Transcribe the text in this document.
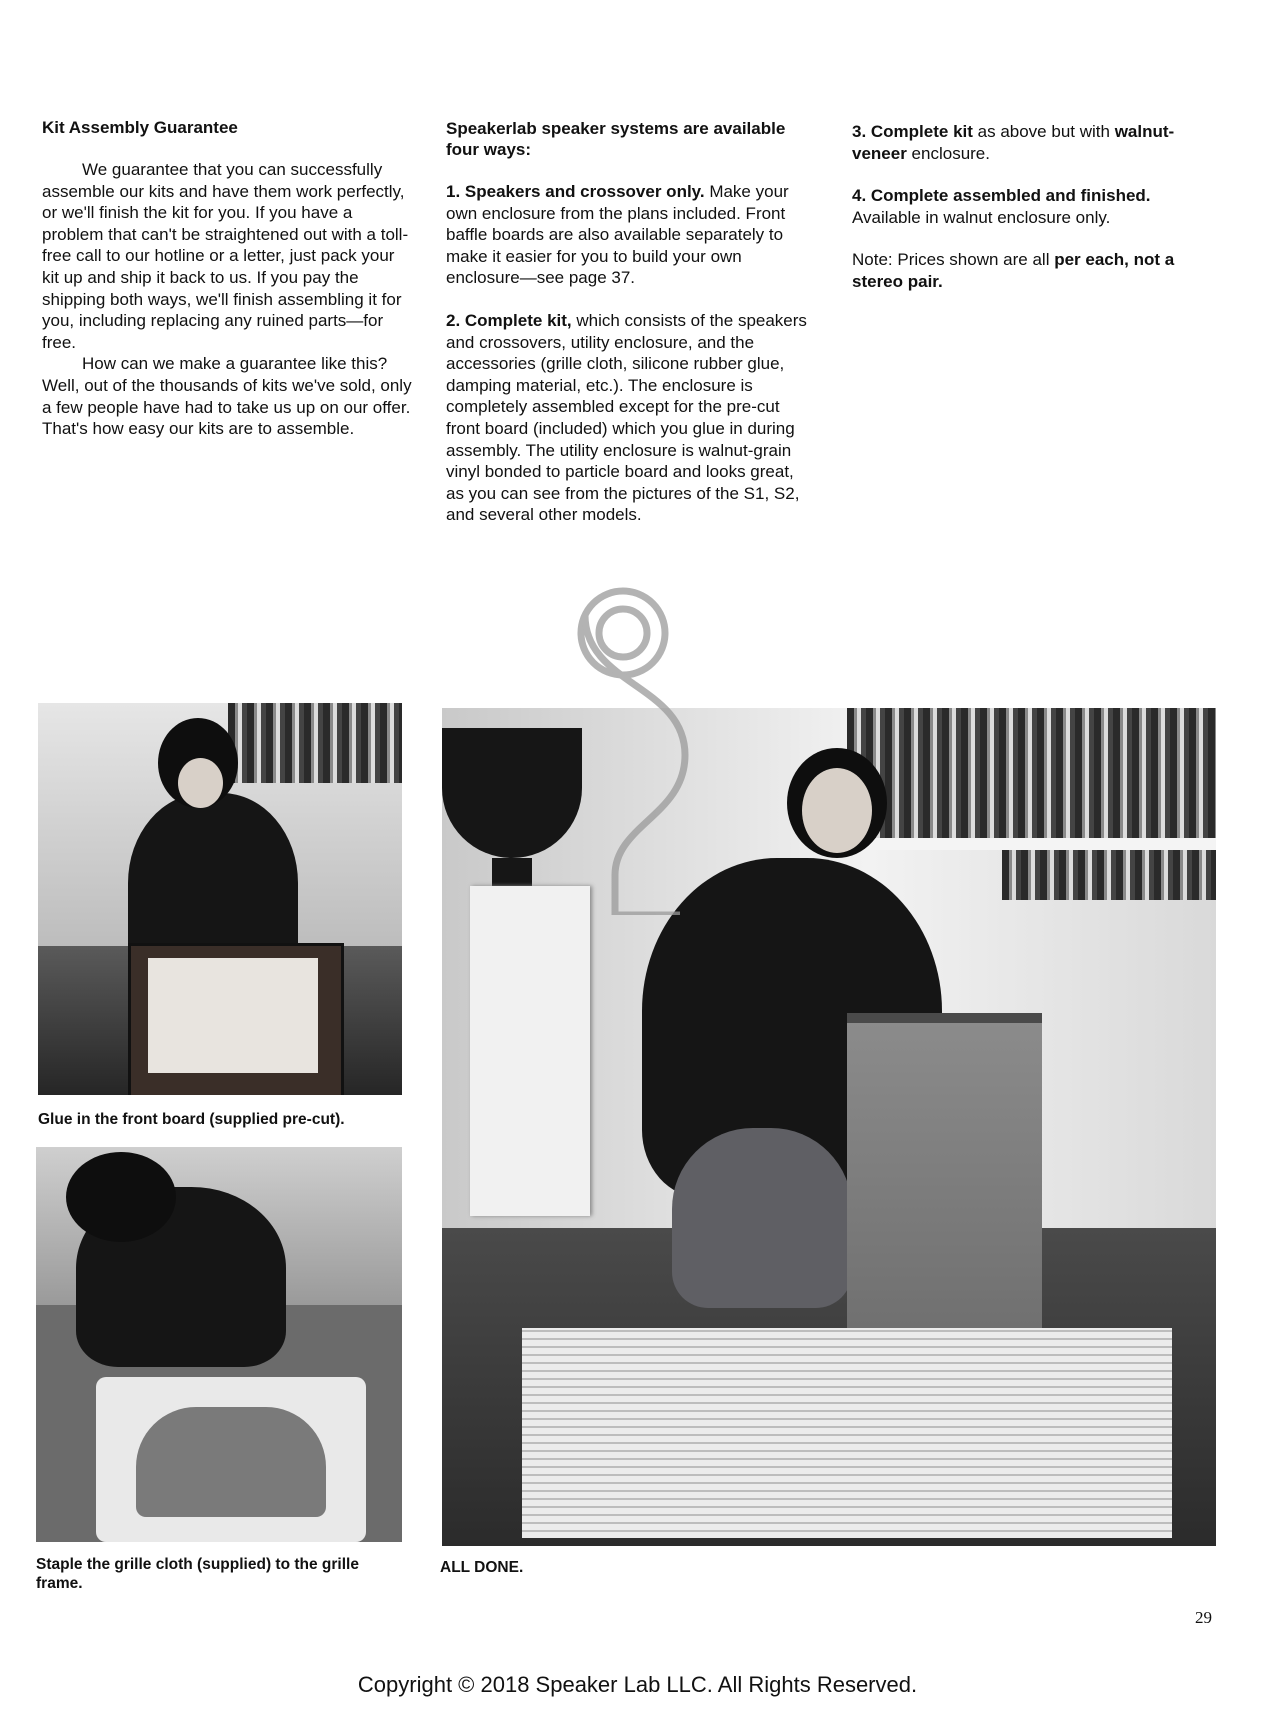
Kit Assembly Guarantee

We guarantee that you can successfully assemble our kits and have them work perfectly, or we'll finish the kit for you. If you have a problem that can't be straightened out with a toll-free call to our hotline or a letter, just pack your kit up and ship it back to us. If you pay the shipping both ways, we'll finish assembling it for you, including replacing any ruined parts—for free.

How can we make a guarantee like this? Well, out of the thousands of kits we've sold, only a few people have had to take us up on our offer. That's how easy our kits are to assemble.

Speakerlab speaker systems are available four ways:

1. Speakers and crossover only. Make your own enclosure from the plans included. Front baffle boards are also available separately to make it easier for you to build your own enclosure—see page 37.

2. Complete kit, which consists of the speakers and crossovers, utility enclosure, and the accessories (grille cloth, silicone rubber glue, damping material, etc.). The enclosure is completely assembled except for the pre-cut front board (included) which you glue in during assembly. The utility enclosure is walnut-grain vinyl bonded to particle board and looks great, as you can see from the pictures of the S1, S2, and several other models.

3. Complete kit as above but with walnut-veneer enclosure.

4. Complete assembled and finished.

Available in walnut enclosure only.

Note: Prices shown are all per each, not a stereo pair.

Glue in the front board (supplied pre-cut).
Staple the grille cloth (supplied) to the grille frame.
ALL DONE.
29
Copyright © 2018 Speaker Lab LLC. All Rights Reserved.
